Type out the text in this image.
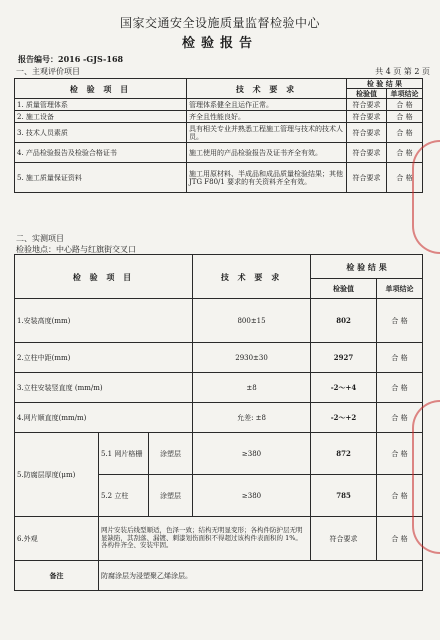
国家交通安全设施质量监督检验中心
检验报告
报告编号：2016 -GJS-168
共 4 页 第 2 页
一、主观评价项目
检 验 项 目	技 术 要 求	检 验 结 果	
		检验值	单项结论
1. 质量管理体系	管理体系健全且运作正常。	符合要求	合 格
2. 施工设备	齐全且性能良好。	符合要求	合 格
3. 技术人员素质	具有相关专业并熟悉工程施工管理与技术的技术人员。	符合要求	合 格
4. 产品检验报告及检验合格证书	施工使用的产品检验报告及证书齐全有效。	符合要求	合 格
5. 施工质量保证资料	施工用原材料、半成品和成品质量检验结果；其他JTG F80/1 要求的有关资料齐全有效。	符合要求	合 格
二、实测项目
检验地点：中心路与红旗街交叉口
检 验 项 目			技 术 要 求	检 验 结 果	
				检验值	单项结论
1.安装高度(mm)			800±15	802	合 格
2.立柱中距(mm)			2930±30	2927	合 格
3.立柱安装竖直度 (mm/m)			±8	-2～+4	合 格
4.网片顺直度(mm/m)			允差: ±8	-2～+2	合 格
5.防腐层厚度(μm)	5.1 网片格栅	涂塑层	≥380	872	合 格
	5.2 立柱	涂塑层	≥380	785	合 格
6.外观	网片安装后线型顺适，色泽一致；结构无明显变形；各构件防护层无明显缺陷，其刮落、漏镀、刺漆划伤面积不得超过该构件表面积的 1%。各构件齐全、安装牢固。			符合要求	合 格
备注	防腐涂层为浸塑聚乙烯涂层。				
